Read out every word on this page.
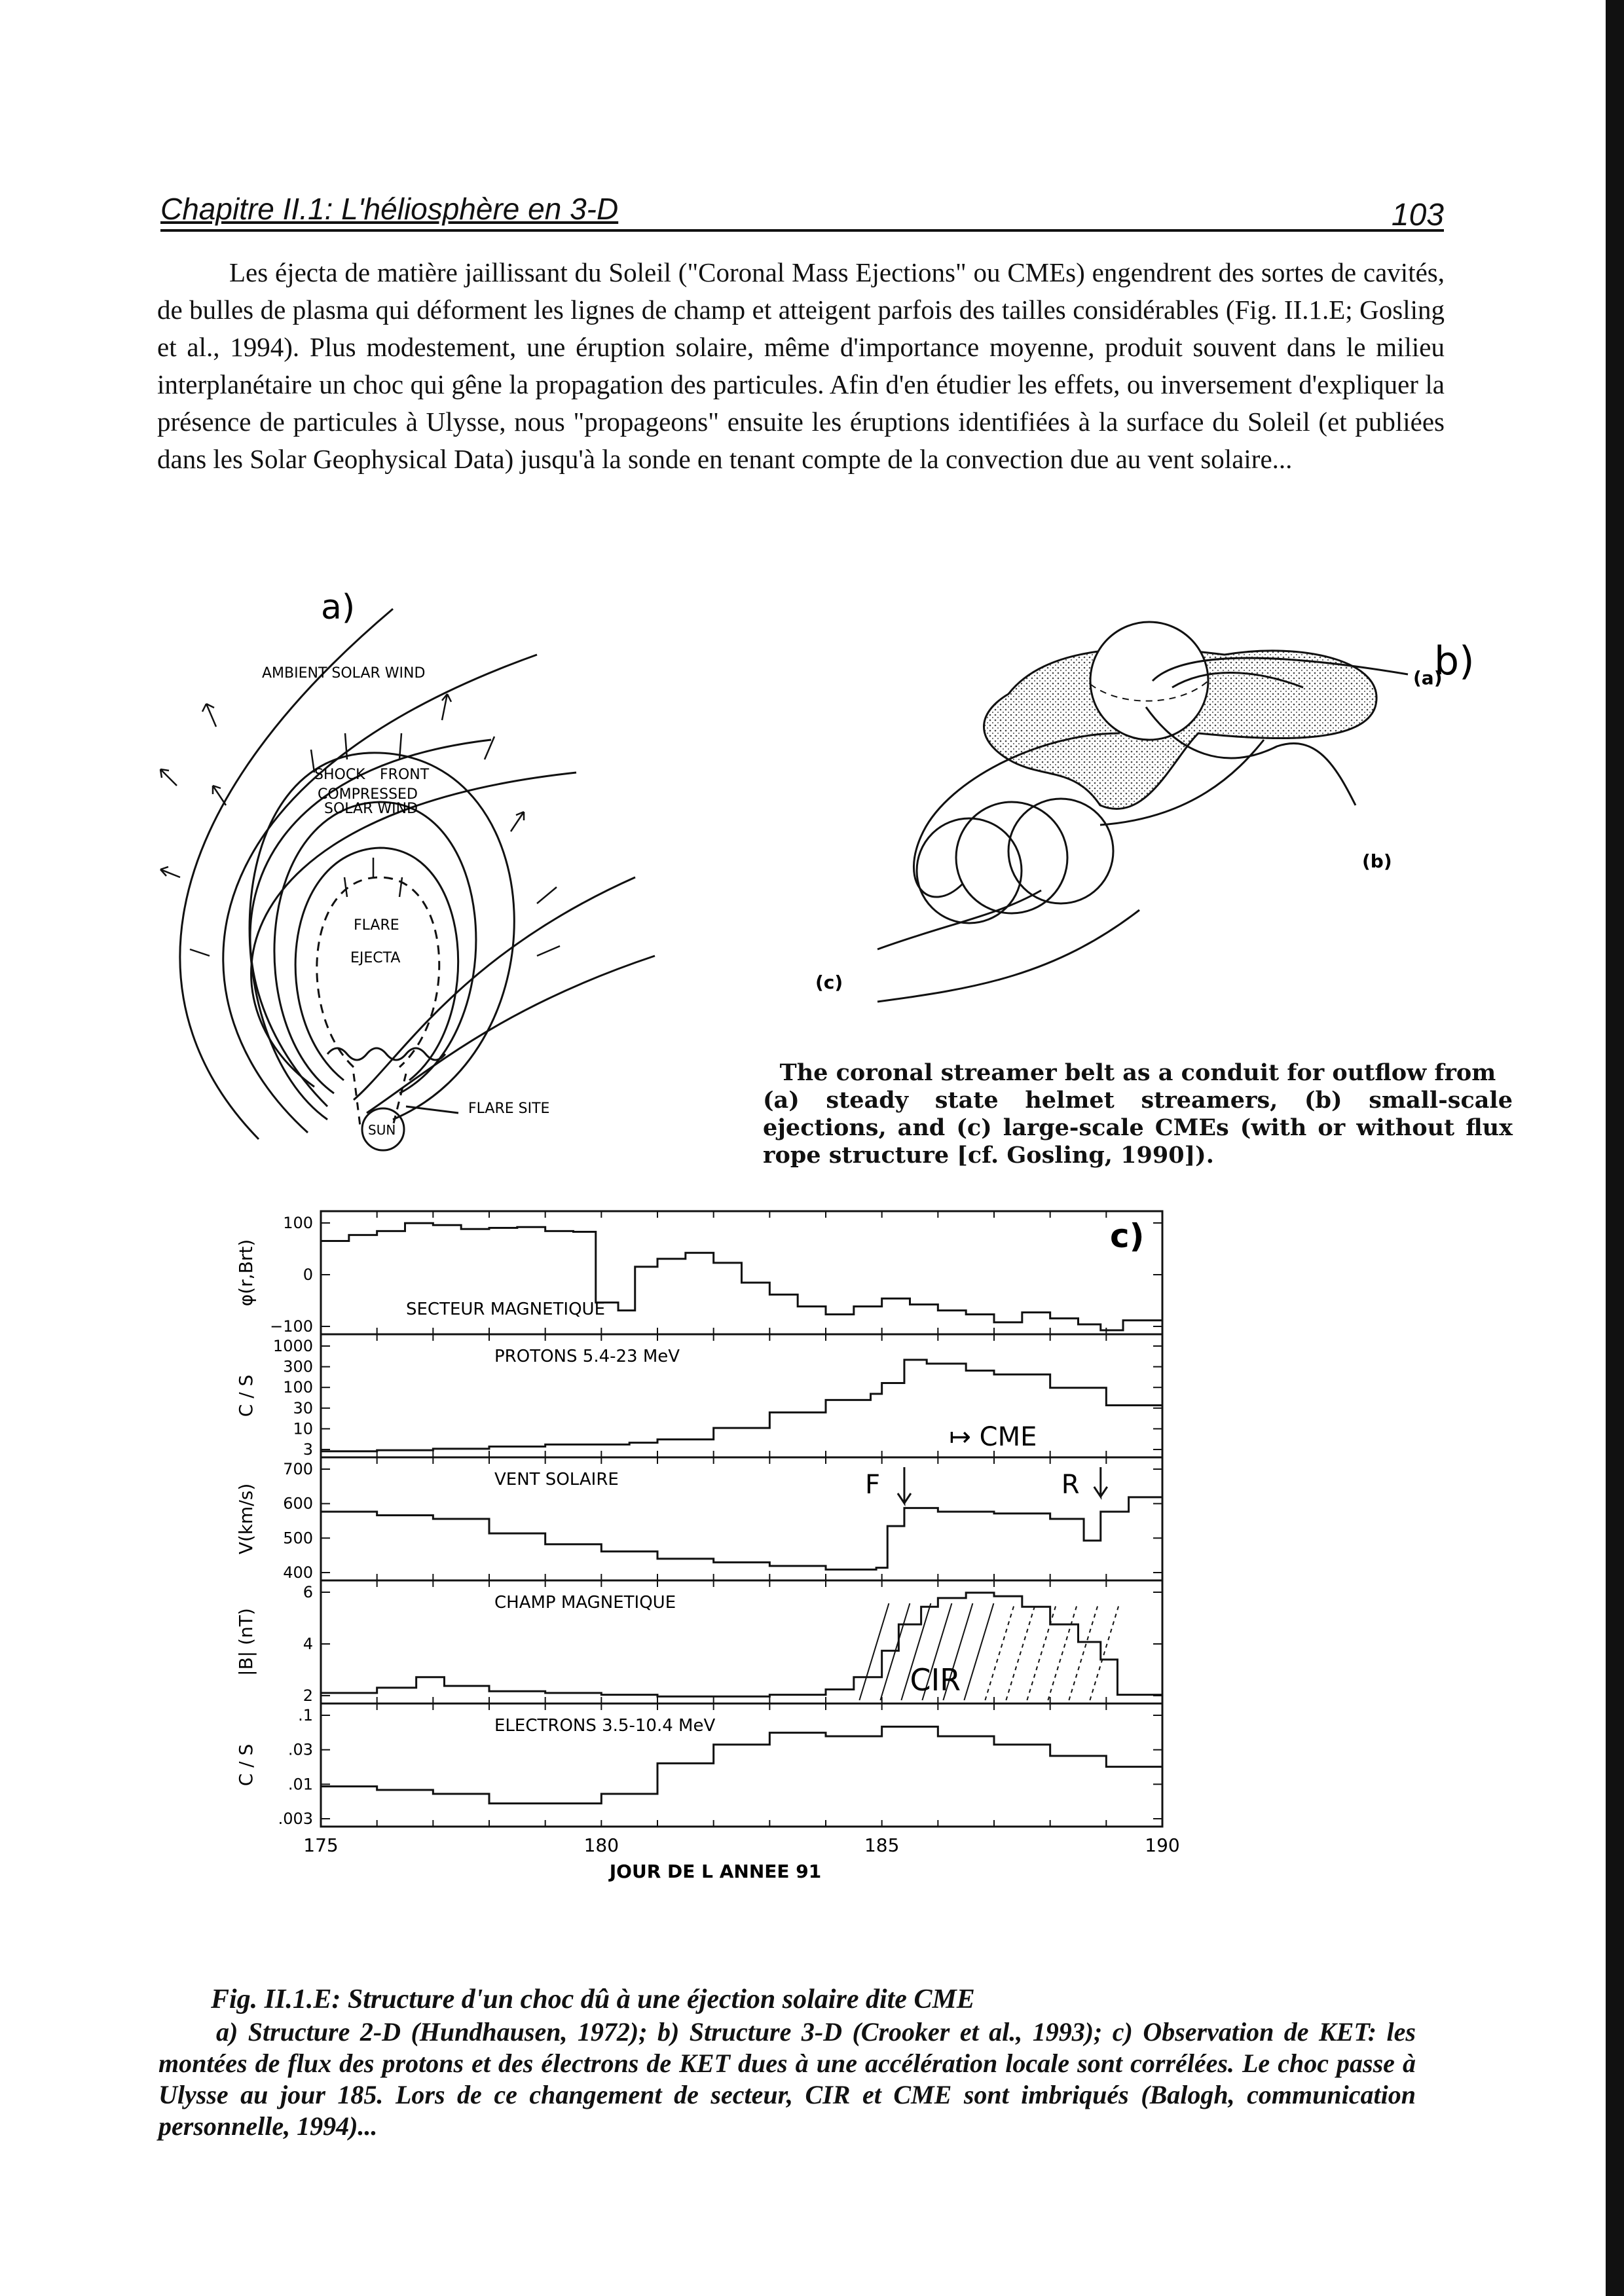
Chapitre II.1: L'héliosphère en 3-D	103
Les éjecta de matière jaillissant du Soleil ("Coronal Mass Ejections" ou CMEs) engendrent des sortes de cavités, de bulles de plasma qui déforment les lignes de champ et atteigent parfois des tailles considérables (Fig. II.1.E; Gosling et al., 1994). Plus modestement, une éruption solaire, même d'importance moyenne, produit souvent dans le milieu interplanétaire un choc qui gêne la propagation des particules. Afin d'en étudier les effets, ou inversement d'expliquer la présence de particules à Ulysse, nous "propageons" ensuite les éruptions identifiées à la surface du Soleil (et publiées dans les Solar Geophysical Data) jusqu'à la sonde en tenant compte de la convection due au vent solaire...
a)
AMBIENT SOLAR WIND
SHOCK FRONT
COMPRESSED
SOLAR WIND
FLARE
EJECTA
FLARE SITE
SUN
b)
(a)
(b)
(c)
The coronal streamer belt as a conduit for outflow from
(a) steady state helmet streamers, (b) small-scale ejections, and (c) large-scale CMEs (with or without flux rope structure [cf. Gosling, 1990]).
100
0
−100
φ(r,Brt)
SECTEUR MAGNETIQUE
1000
300
100
30
10
3
C / S
PROTONS 5.4-23 MeV
700
600
500
400
V(km/s)
VENT SOLAIRE
6
4
2
|B| (nT)
CHAMP MAGNETIQUE
.1
.03
.01
.003
C / S
ELECTRONS 3.5-10.4 MeV
175	180	185	190
JOUR DE L ANNEE 91
c)
↦ CME
F	R
CIR
Fig. II.1.E: Structure d'un choc dû à une éjection solaire dite CME
a) Structure 2-D (Hundhausen, 1972); b) Structure 3-D (Crooker et al., 1993); c) Observation de KET: les montées de flux des protons et des électrons de KET dues à une accélération locale sont corrélées. Le choc passe à Ulysse au jour 185. Lors de ce changement de secteur, CIR et CME sont imbriqués (Balogh, communication personnelle, 1994)...
